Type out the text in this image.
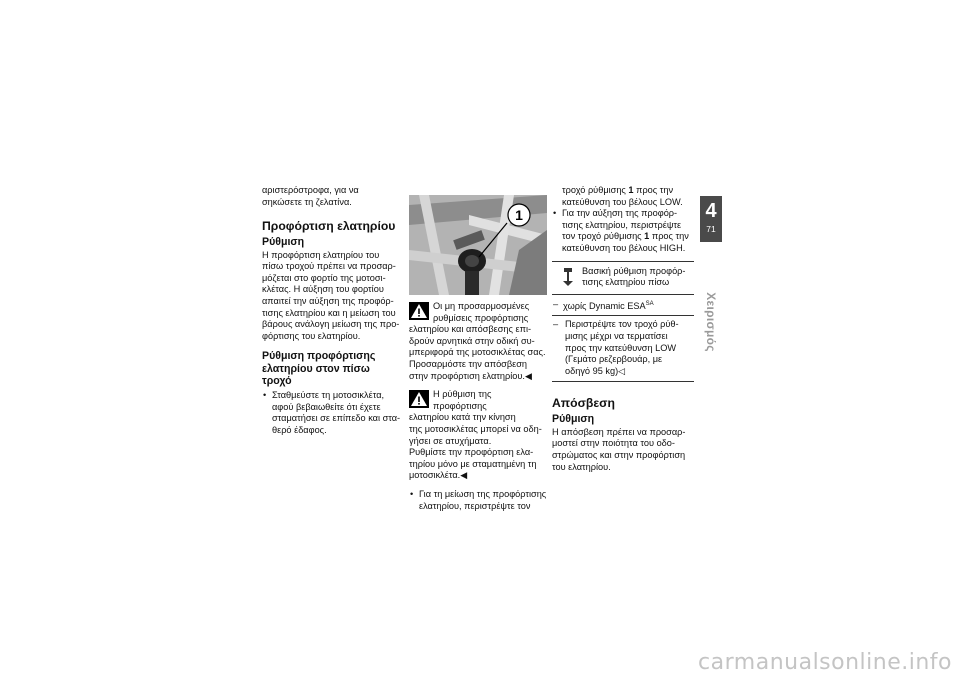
αριστερόστροφα, για να

σηκώσετε τη ζελατίνα.

Προφόρτιση ελατηρίου
Ρύθμιση
Η προφόρτιση ελατηρίου του
πίσω τροχού πρέπει να προσαρ-
μόζεται στο φορτίο της μοτοσι-
κλέτας. Η αύξηση του φορτίου
απαιτεί την αύξηση της προφόρ-
τισης ελατηρίου και η μείωση του
βάρους ανάλογη μείωση της προ-
φόρτισης του ελατηρίου.
Ρύθμιση προφόρτισης
ελατηρίου στον πίσω
τροχό
• Σταθμεύστε τη μοτοσικλέτα,
αφού βεβαιωθείτε ότι έχετε
σταματήσει σε επίπεδο και στα-
θερό έδαφος.
1
Οι μη προσαρμοσμένες
ρυθμίσεις προφόρτισης
ελατηρίου και απόσβεσης επι-
δρούν αρνητικά στην οδική συ-
μπεριφορά της μοτοσικλέτας σας.
Προσαρμόστε την απόσβεση
στην προφόρτιση ελατηρίου.◀
Η ρύθμιση της προφόρτισης
ελατηρίου κατά την κίνηση
της μοτοσικλέτας μπορεί να οδη-
γήσει σε ατυχήματα.
Ρυθμίστε την προφόρτιση ελα-
τηρίου μόνο με σταματημένη τη
μοτοσικλέτα.◀
• Για τη μείωση της προφόρτισης
ελατηρίου, περιστρέψτε τον
τροχό ρύθμισης 1 προς την
κατεύθυνση του βέλους LOW.
• Για την αύξηση της προφόρ-
τισης ελατηρίου, περιστρέψτε
τον τροχό ρύθμισης 1 προς την
κατεύθυνση του βέλους HIGH.
Βασική ρύθμιση προφόρ-
τισης ελατηρίου πίσω
– χωρίς Dynamic $ESA^{SA}$
– Περιστρέψτε τον τροχό ρύθ-
μισης μέχρι να τερματίσει
προς την κατεύθυνση LOW
(Γεμάτο ρεζερβουάρ, με
οδηγό 95 kg)◁
Απόσβεση
Ρύθμιση
Η απόσβεση πρέπει να προσαρ-
μοστεί στην ποιότητα του οδο-
στρώματος και στην προφόρτιση
του ελατηρίου.
4
71
Χειρισμός
carmanualsonline.info
